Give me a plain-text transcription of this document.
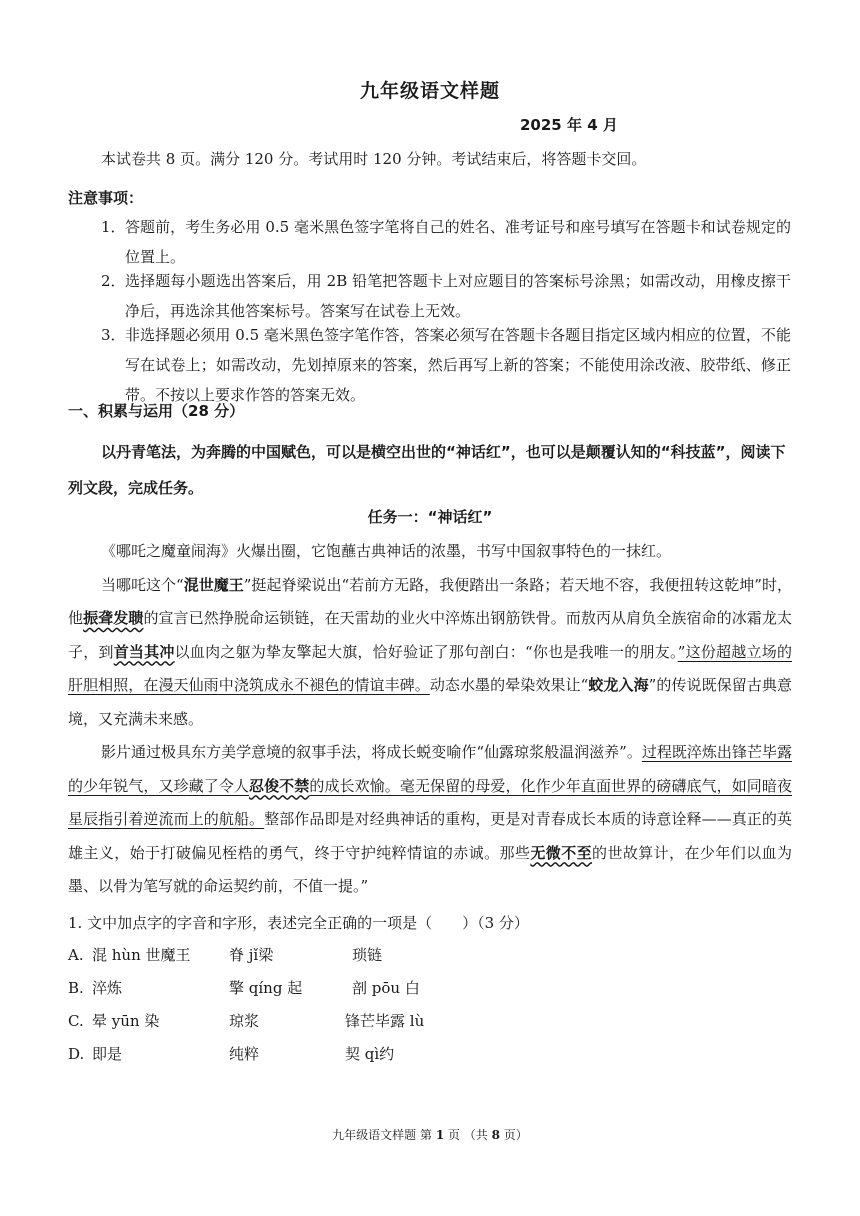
九年级语文样题
2025 年 4 月
本试卷共 8 页。满分 120 分。考试用时 120 分钟。考试结束后，将答题卡交回。
注意事项：
1． 答题前，考生务必用 0.5 毫米黑色签字笔将自己的姓名、准考证号和座号填写在答题卡和试卷规定的位置上。
2． 选择题每小题选出答案后，用 2B 铅笔把答题卡上对应题目的答案标号涂黑；如需改动，用橡皮擦干净后，再选涂其他答案标号。答案写在试卷上无效。
3． 非选择题必须用 0.5 毫米黑色签字笔作答，答案必须写在答题卡各题目指定区域内相应的位置，不能写在试卷上；如需改动，先划掉原来的答案，然后再写上新的答案；不能使用涂改液、胶带纸、修正带。不按以上要求作答的答案无效。
一、积累与运用（28 分）
以丹青笔法，为奔腾的中国赋色，可以是横空出世的“神话红”，也可以是颠覆认知的“科技蓝”，阅读下列文段，完成任务。
任务一：“神话红”

《哪吒之魔童闹海》火爆出圈，它饱蘸古典神话的浓墨，书写中国叙事特色的一抹红。

当哪吒这个“混世魔王”挺起脊梁说出“若前方无路，我便踏出一条路；若天地不容，我便扭转这乾坤”时，他振聋发聩的宣言已然挣脱命运锁链，在天雷劫的业火中淬炼出钢筋铁骨。而敖丙从肩负全族宿命的冰霜龙太子，到首当其冲以血肉之躯为挚友擎起大旗，恰好验证了那句剖白：“你也是我唯一的朋友。”这份超越立场的肝胆相照，在漫天仙雨中浇筑成永不褪色的情谊丰碑。动态水墨的晕染效果让“蛟龙入海”的传说既保留古典意境，又充满未来感。

影片通过极具东方美学意境的叙事手法，将成长蜕变喻作“仙露琼浆般温润滋养”。过程既淬炼出锋芒毕露的少年锐气，又珍藏了令人忍俊不禁的成长欢愉。毫无保留的母爱，化作少年直面世界的磅礴底气，如同暗夜星辰指引着逆流而上的航船。整部作品即是对经典神话的重构，更是对青春成长本质的诗意诠释——真正的英雄主义，始于打破偏见桎梏的勇气，终于守护纯粹情谊的赤诚。那些无微不至的世故算计，在少年们以血为墨、以骨为笔写就的命运契约前，不值一提。”

1. 文中加点字的字音和字形，表述完全正确的一项是（　　）（3 分）
A. 混 hùn 世魔王	脊 jǐ梁	琐链
B. 淬炼	擎 qíng 起	剖 pōu 白
C. 晕 yūn 染	琼浆	锋芒毕露 lù
D. 即是	纯粹	契 qì约
九年级语文样题 第 1 页 （共 8 页）
